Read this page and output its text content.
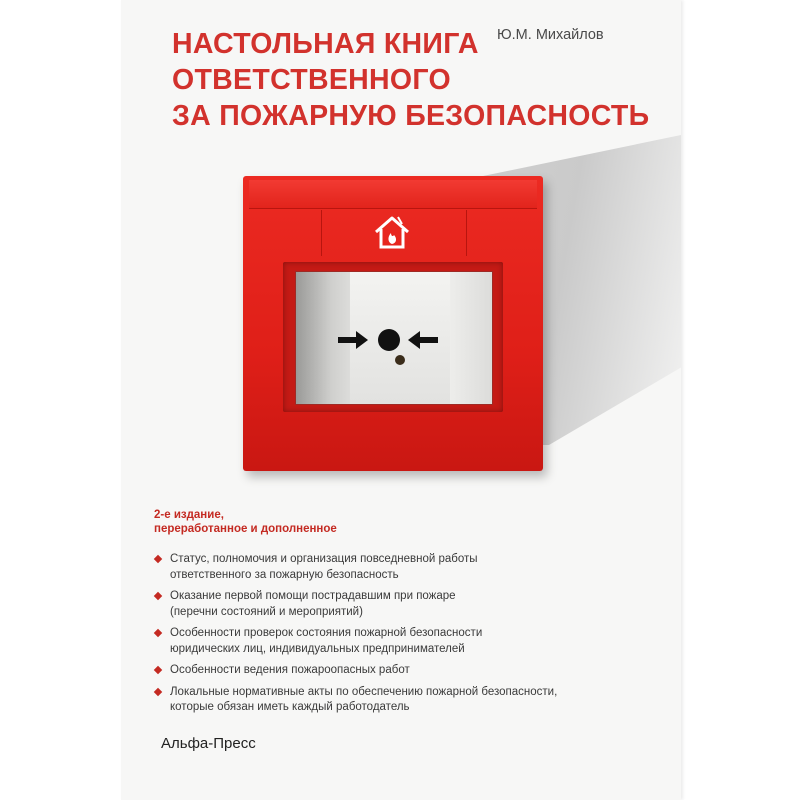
НАСТОЛЬНАЯ КНИГА
ОТВЕТСТВЕННОГО
ЗА ПОЖАРНУЮ БЕЗОПАСНОСТЬ
Ю.М. Михайлов

2-е издание,
переработанное и дополненное

Статус, полномочия и организация повседневной работы
ответственного за пожарную безопасность
Оказание первой помощи пострадавшим при пожаре
(перечни состояний и мероприятий)
Особенности проверок состояния пожарной безопасности
юридических лиц, индивидуальных предпринимателей
Особенности ведения пожароопасных работ
Локальные нормативные акты по обеспечению пожарной безопасности,
которые обязан иметь каждый работодатель
Альфа-Пресс
